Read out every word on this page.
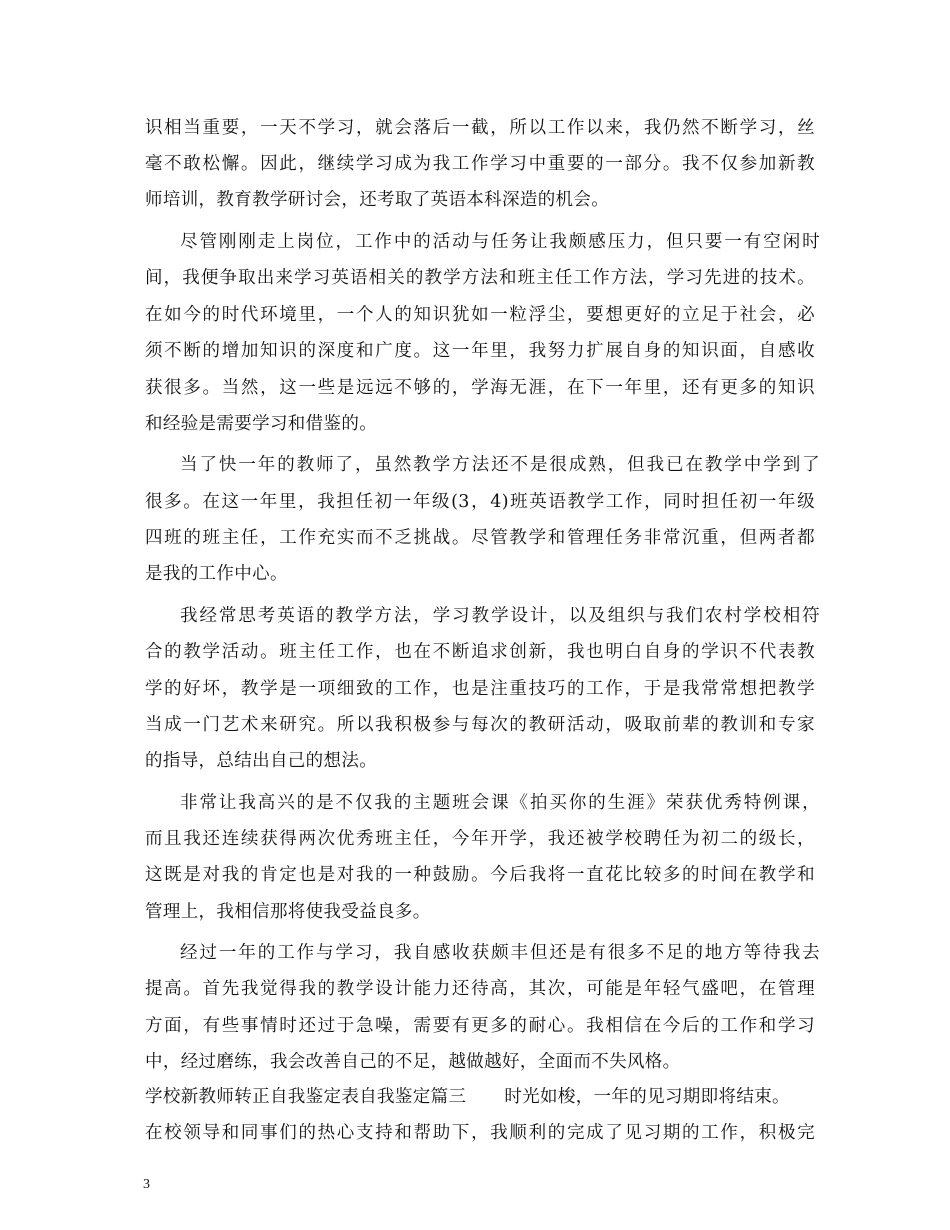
识相当重要，一天不学习，就会落后一截，所以工作以来，我仍然不断学习，丝
毫不敢松懈。因此，继续学习成为我工作学习中重要的一部分。我不仅参加新教
师培训，教育教学研讨会，还考取了英语本科深造的机会。
尽管刚刚走上岗位，工作中的活动与任务让我颇感压力，但只要一有空闲时
间，我便争取出来学习英语相关的教学方法和班主任工作方法，学习先进的技术。
在如今的时代环境里，一个人的知识犹如一粒浮尘，要想更好的立足于社会，必
须不断的增加知识的深度和广度。这一年里，我努力扩展自身的知识面，自感收
获很多。当然，这一些是远远不够的，学海无涯，在下一年里，还有更多的知识
和经验是需要学习和借鉴的。
当了快一年的教师了，虽然教学方法还不是很成熟，但我已在教学中学到了
很多。在这一年里，我担任初一年级(3，4)班英语教学工作，同时担任初一年级
四班的班主任，工作充实而不乏挑战。尽管教学和管理任务非常沉重，但两者都
是我的工作中心。
我经常思考英语的教学方法，学习教学设计，以及组织与我们农村学校相符
合的教学活动。班主任工作，也在不断追求创新，我也明白自身的学识不代表教
学的好坏，教学是一项细致的工作，也是注重技巧的工作，于是我常常想把教学
当成一门艺术来研究。所以我积极参与每次的教研活动，吸取前辈的教训和专家
的指导，总结出自己的想法。
非常让我高兴的是不仅我的主题班会课《拍买你的生涯》荣获优秀特例课，
而且我还连续获得两次优秀班主任，今年开学，我还被学校聘任为初二的级长，
这既是对我的肯定也是对我的一种鼓励。今后我将一直花比较多的时间在教学和
管理上，我相信那将使我受益良多。
经过一年的工作与学习，我自感收获颇丰但还是有很多不足的地方等待我去
提高。首先我觉得我的教学设计能力还待高，其次，可能是年轻气盛吧，在管理
方面，有些事情时还过于急噪，需要有更多的耐心。我相信在今后的工作和学习
中，经过磨练，我会改善自己的不足，越做越好，全面而不失风格。
学校新教师转正自我鉴定表自我鉴定篇三 时光如梭，一年的见习期即将结束。
在校领导和同事们的热心支持和帮助下，我顺利的完成了见习期的工作，积极完
3
